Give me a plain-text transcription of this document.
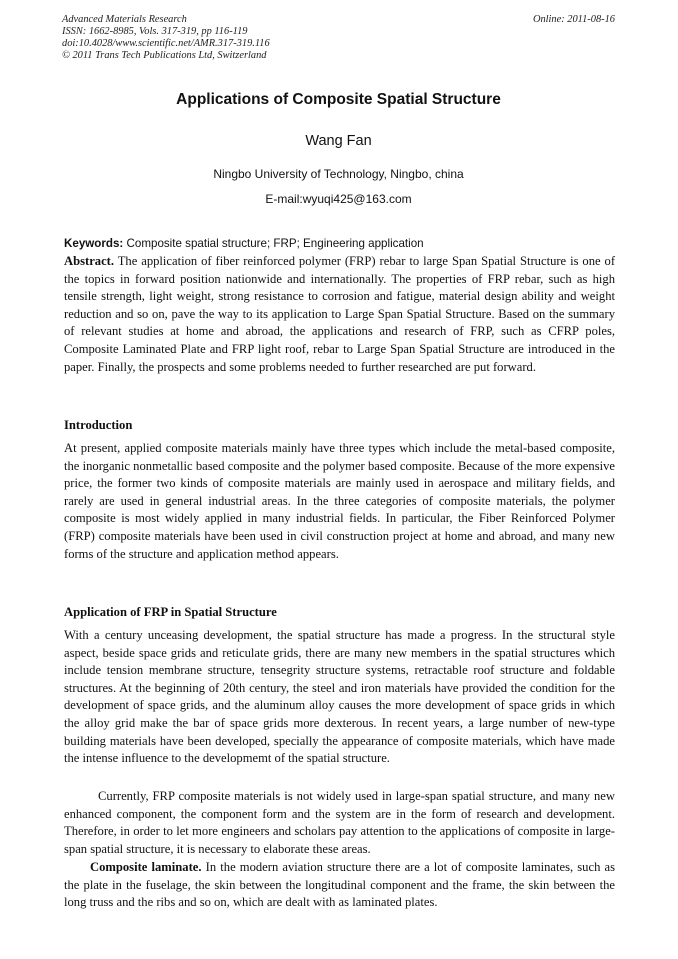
Advanced Materials Research
ISSN: 1662-8985, Vols. 317-319, pp 116-119
doi:10.4028/www.scientific.net/AMR.317-319.116
© 2011 Trans Tech Publications Ltd, Switzerland
Online: 2011-08-16
Applications of Composite Spatial Structure
Wang Fan
Ningbo University of Technology, Ningbo, china
E-mail:wyuqi425@163.com
Keywords: Composite spatial structure; FRP; Engineering application
Abstract. The application of fiber reinforced polymer (FRP) rebar to large Span Spatial Structure is one of the topics in forward position nationwide and internationally. The properties of FRP rebar, such as high tensile strength, light weight, strong resistance to corrosion and fatigue, material design ability and weight reduction and so on, pave the way to its application to Large Span Spatial Structure. Based on the summary of relevant studies at home and abroad, the applications and research of FRP, such as CFRP poles, Composite Laminated Plate and FRP light roof, rebar to Large Span Spatial Structure are introduced in the paper. Finally, the prospects and some problems needed to further researched are put forward.
Introduction
At present, applied composite materials mainly have three types which include the metal-based composite, the inorganic nonmetallic based composite and the polymer based composite. Because of the more expensive price, the former two kinds of composite materials are mainly used in aerospace and military fields, and rarely are used in general industrial areas. In the three categories of composite materials, the polymer composite is most widely applied in many industrial fields. In particular, the Fiber Reinforced Polymer (FRP) composite materials have been used in civil construction project at home and abroad, and many new forms of the structure and application method appears.
Application of FRP in Spatial Structure
With a century unceasing development, the spatial structure has made a progress. In the structural style aspect, beside space grids and reticulate grids, there are many new members in the spatial structures which include tension membrane structure, tensegrity structure systems, retractable roof structure and foldable structures. At the beginning of 20th century, the steel and iron materials have provided the condition for the development of space grids, and the aluminum alloy causes the more development of space grids in which the alloy grid make the bar of space grids more dexterous. In recent years, a large number of new-type building materials have been developed, specially the appearance of composite materials, which have made the intense influence to the developmemt of the spatial structure.
Currently, FRP composite materials is not widely used in large-span spatial structure, and many new enhanced component, the component form and the system are in the form of research and development. Therefore, in order to let more engineers and scholars pay attention to the applications of composite in large-span spatial structure, it is necessary to elaborate these areas.
Composite laminate. In the modern aviation structure there are a lot of composite laminates, such as the plate in the fuselage, the skin between the longitudinal component and the frame, the skin between the long truss and the ribs and so on, which are dealt with as laminated plates.
